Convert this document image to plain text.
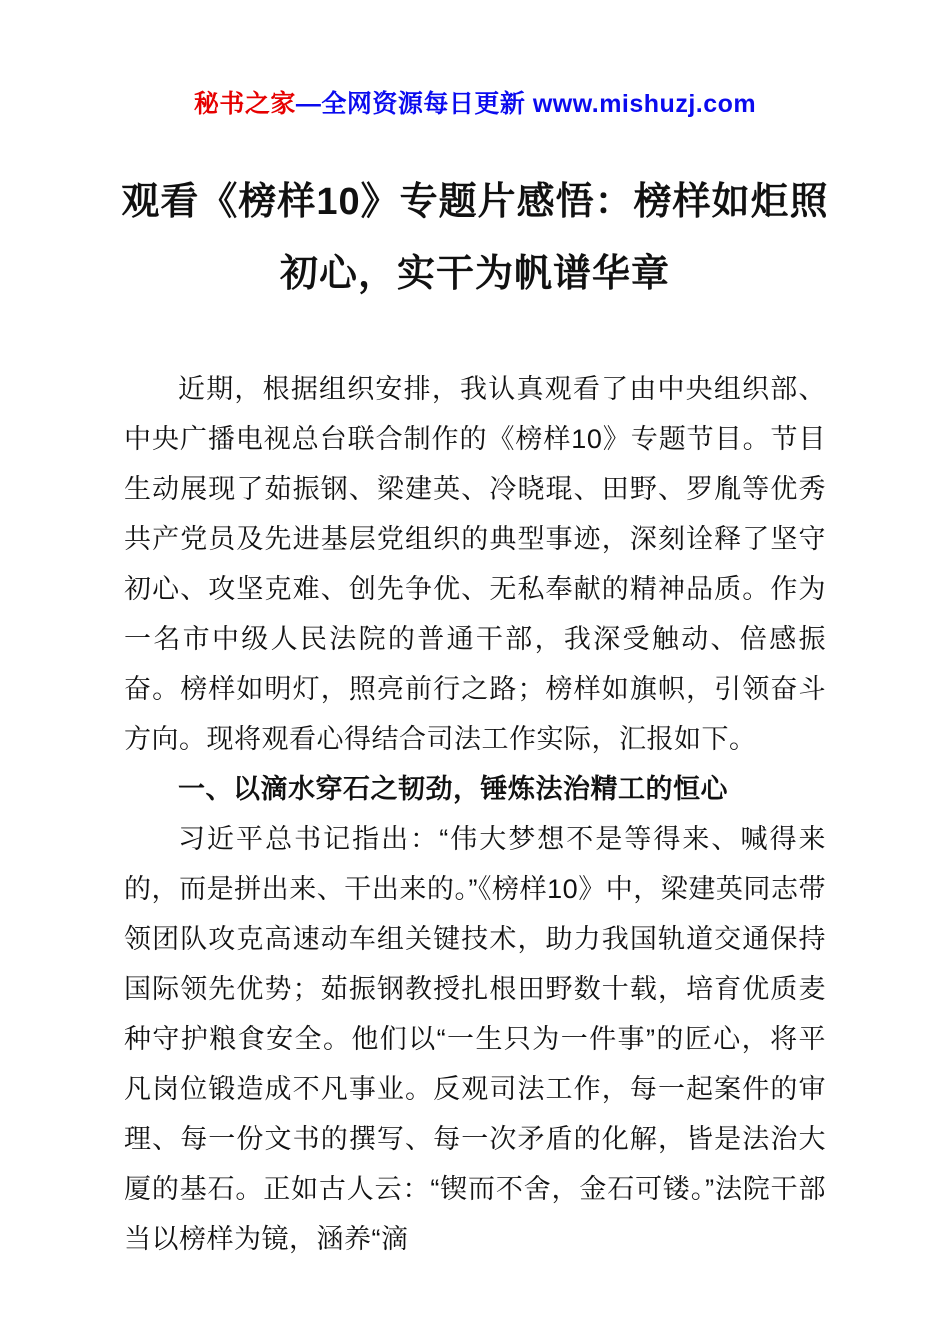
秘书之家—全网资源每日更新 www.mishuzj.com
观看《榜样10》专题片感悟：榜样如炬照初心，实干为帆谱华章

近期，根据组织安排，我认真观看了由中央组织部、中央广播电视总台联合制作的《榜样10》专题节目。节目生动展现了茹振钢、梁建英、冷晓琨、田野、罗胤等优秀共产党员及先进基层党组织的典型事迹，深刻诠释了坚守初心、攻坚克难、创先争优、无私奉献的精神品质。作为一名市中级人民法院的普通干部，我深受触动、倍感振奋。榜样如明灯，照亮前行之路；榜样如旗帜，引领奋斗方向。现将观看心得结合司法工作实际，汇报如下。

一、以滴水穿石之韧劲，锤炼法治精工的恒心

习近平总书记指出：“伟大梦想不是等得来、喊得来的，而是拼出来、干出来的。”《榜样10》中，梁建英同志带领团队攻克高速动车组关键技术，助力我国轨道交通保持国际领先优势；茹振钢教授扎根田野数十载，培育优质麦种守护粮食安全。他们以“一生只为一件事”的匠心，将平凡岗位锻造成不凡事业。反观司法工作，每一起案件的审理、每一份文书的撰写、每一次矛盾的化解，皆是法治大厦的基石。正如古人云：“锲而不舍，金石可镂。”法院干部当以榜样为镜，涵养“滴
